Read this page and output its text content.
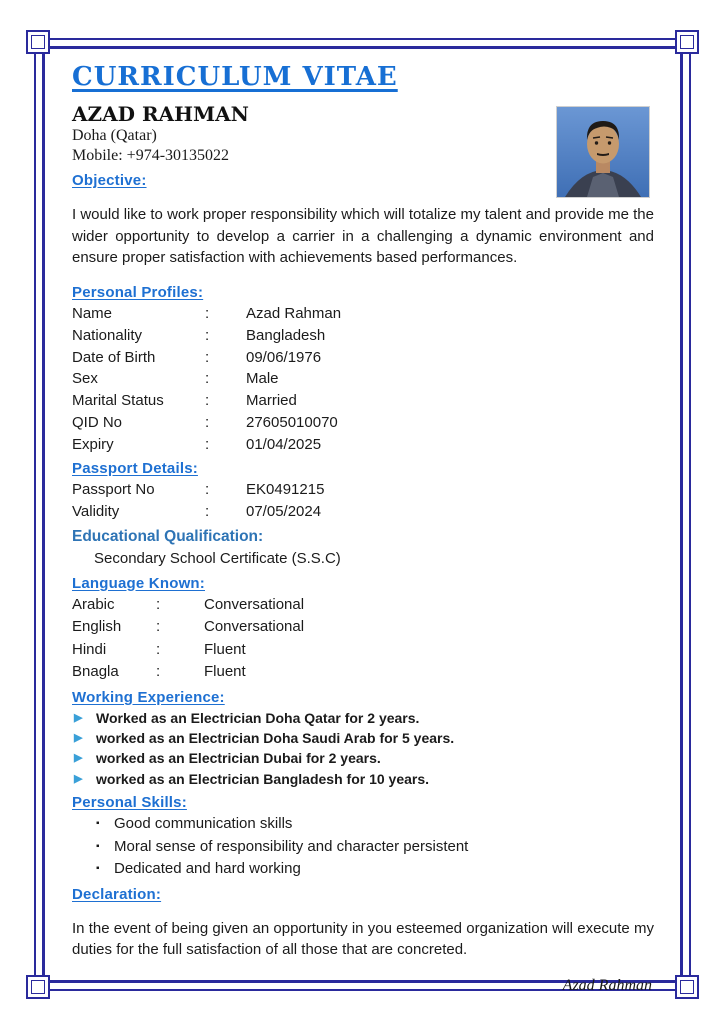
CURRICULUM VITAE
AZAD RAHMAN
Doha (Qatar)
Mobile: +974-30135022
Objective:

I would like to work proper responsibility which will totalize my talent and provide me the wider opportunity to develop a carrier in a challenging a dynamic environment and ensure proper satisfaction with achievements based performances.

Personal Profiles:
Name	:	Azad Rahman
Nationality	:	Bangladesh
Date of Birth	:	09/06/1976
Sex	:	Male
Marital Status	:	Married
QID No	:	27605010070
Expiry	:	01/04/2025
Passport Details:
Passport No	:	EK0491215
Validity	:	07/05/2024
Educational Qualification:
Secondary School Certificate (S.S.C)
Language Known:
Arabic	:	Conversational
English	:	Conversational
Hindi	:	Fluent
Bnagla	:	Fluent
Working Experience:
▶ Worked as an Electrician Doha Qatar for 2 years.
▶ worked as an Electrician Doha Saudi Arab for 5 years.
▶ worked as an Electrician Dubai for 2 years.
▶ worked as an Electrician Bangladesh for 10 years.
Personal Skills:
▪ Good communication skills
▪ Moral sense of responsibility and character persistent
▪ Dedicated and hard working
Declaration:

In the event of being given an opportunity in you esteemed organization will execute my duties for the full satisfaction of all those that are concreted.

Azad Rahman
